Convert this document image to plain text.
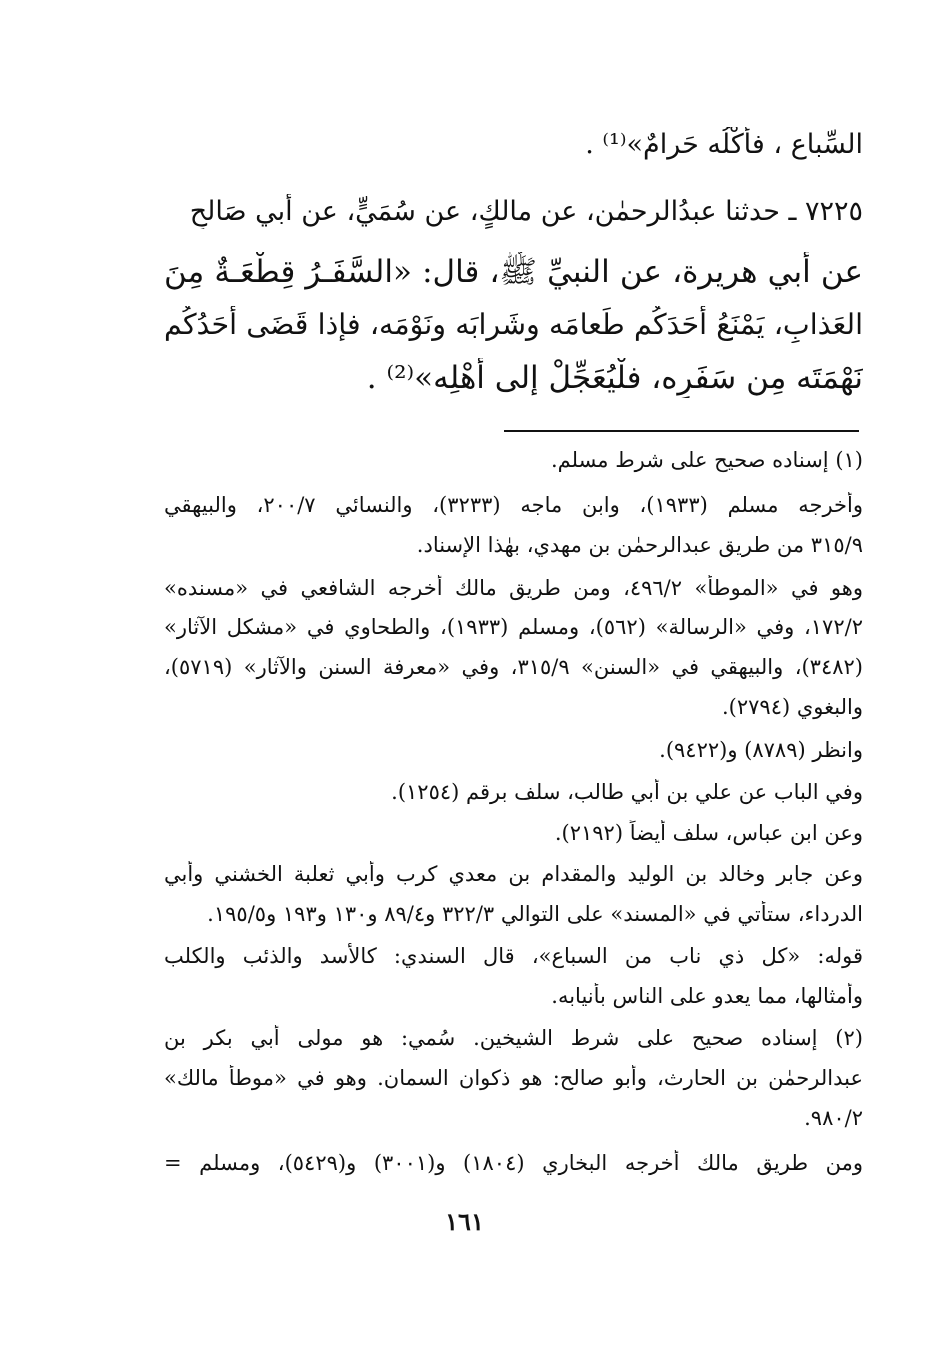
السِّباع ، فأَكْلُه حَرامٌ»⁽¹⁾ .
٧٢٢٥ ـ حدثنا عبدُالرحمٰن، عن مالكٍ، عن سُمَيٍّ، عن أَبي صَالحٍ
عن أَبي هريرة، عن النبيِّ ﷺ، قال: «السَّفَـرُ قِطْعَـةٌ مِنَ
العَذابِ، يَمْنَعُ أَحَدَكُم طَعامَه وشَرابَه ونَوْمَه، فإذا قَضَى أَحَدُكُم
نَهْمَتَه مِن سَفَرِه، فلْيُعَجِّلْ إلى أَهْلِه»⁽²⁾ .
(١) إسناده صحيح على شرط مسلم.
وأخرجه مسلم (١٩٣٣)، وابن ماجه (٣٢٣٣)، والنسائي ٢٠٠/٧، والبيهقي
٣١٥/٩ من طريق عبدالرحمٰن بن مهدي، بهٰذا الإسناد.
وهو في «الموطأ» ٤٩٦/٢، ومن طريق مالك أخرجه الشافعي في «مسنده»
١٧٢/٢، وفي «الرسالة» (٥٦٢)، ومسلم (١٩٣٣)، والطحاوي في «مشكل الآثار»
(٣٤٨٢)، والبيهقي في «السنن» ٣١٥/٩، وفي «معرفة السنن والآثار» (٥٧١٩)،
والبغوي (٢٧٩٤).
وانظر (٨٧٨٩) و(٩٤٢٢).
وفي الباب عن علي بن أبي طالب، سلف برقم (١٢٥٤).
وعن ابن عباس، سلف أيضاً (٢١٩٢).
وعن جابر وخالد بن الوليد والمقدام بن معدي كرب وأبي ثعلبة الخشني وأبي
الدرداء، ستأتي في «المسند» على التوالي ٣٢٢/٣ و٨٩/٤ و١٣٠ و١٩٣ و١٩٥/٥.
قوله: «كل ذي ناب من السباع»، قال السندي: كالأسد والذئب والكلب
وأمثالها، مما يعدو على الناس بأنيابه.
(٢) إسناده صحيح على شرط الشيخين. سُمي: هو مولى أبي بكر بن
عبدالرحمٰن بن الحارث، وأبو صالح: هو ذكوان السمان. وهو في «موطأ مالك»
٩٨٠/٢.
ومن طريق مالك أخرجه البخاري (١٨٠٤) و(٣٠٠١) و(٥٤٢٩)، ومسلم =
١٦١
